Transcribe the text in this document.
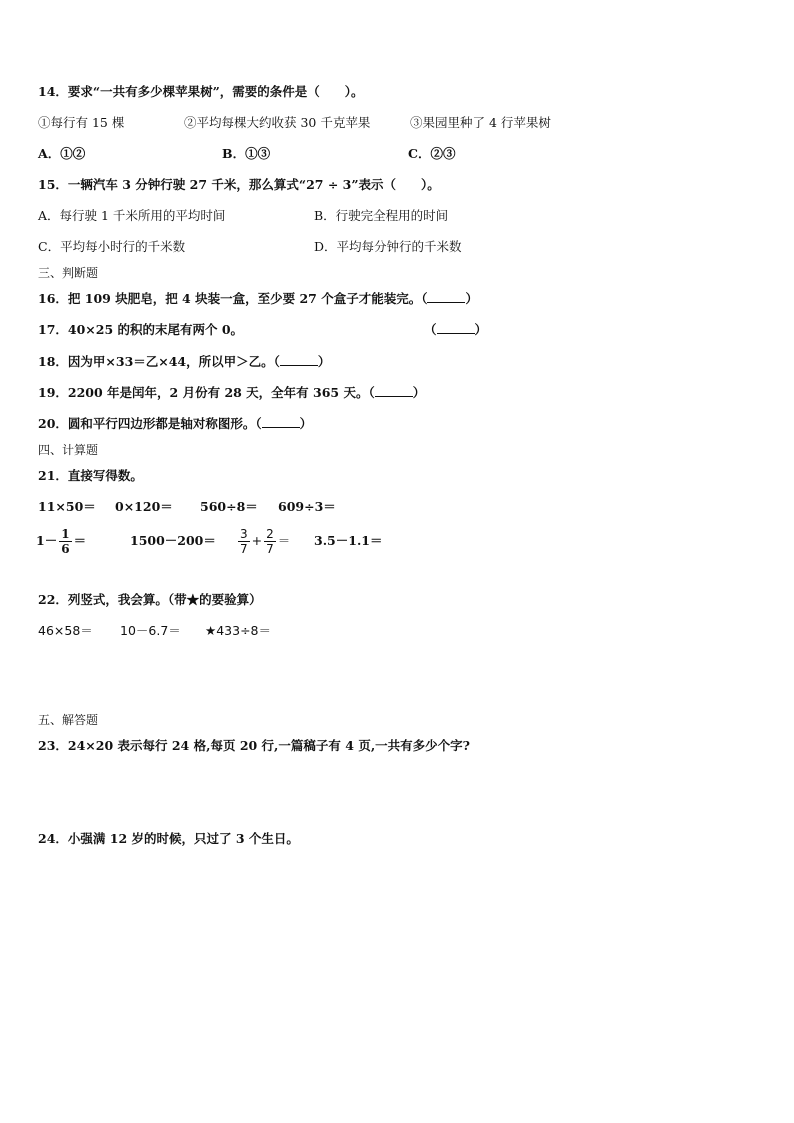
14．要求“一共有多少棵苹果树”，需要的条件是（　　）。
①每行有 15 棵	②平均每棵大约收获 30 千克苹果	③果园里种了 4 行苹果树
A．①②	B．①③	C．②③
15．一辆汽车 3 分钟行驶 27 千米，那么算式“27 ÷ 3”表示（　　）。
A．每行驶 1 千米所用的平均时间	B．行驶完全程用的时间
C．平均每小时行的千米数	D．平均每分钟行的千米数
三、判断题
16．把 109 块肥皂，把 4 块装一盒，至少要 27 个盒子才能装完。（	）
17．40×25 的积的末尾有两个 0。	（	）
18．因为甲×33＝乙×44，所以甲＞乙。（	）
19．2200 年是闰年，2 月份有 28 天，全年有 365 天。（	）
20．圆和平行四边形都是轴对称图形。（	）
四、计算题
21．直接写得数。
11×50＝ 0×120＝ 560÷8＝ 609÷3＝
$1- \frac{1}{6}$ ＝	$1500-200= \frac{3}{7} + \frac{2}{7} = 3.5-1.1=$
22．列竖式，我会算。（带★的要验算）
46×58＝ 10－6.7＝ ★433÷8＝
五、解答题
23．24×20 表示每行 24 格,每页 20 行,一篇稿子有 4 页,一共有多少个字?
24．小强满 12 岁的时候，只过了 3 个生日。
